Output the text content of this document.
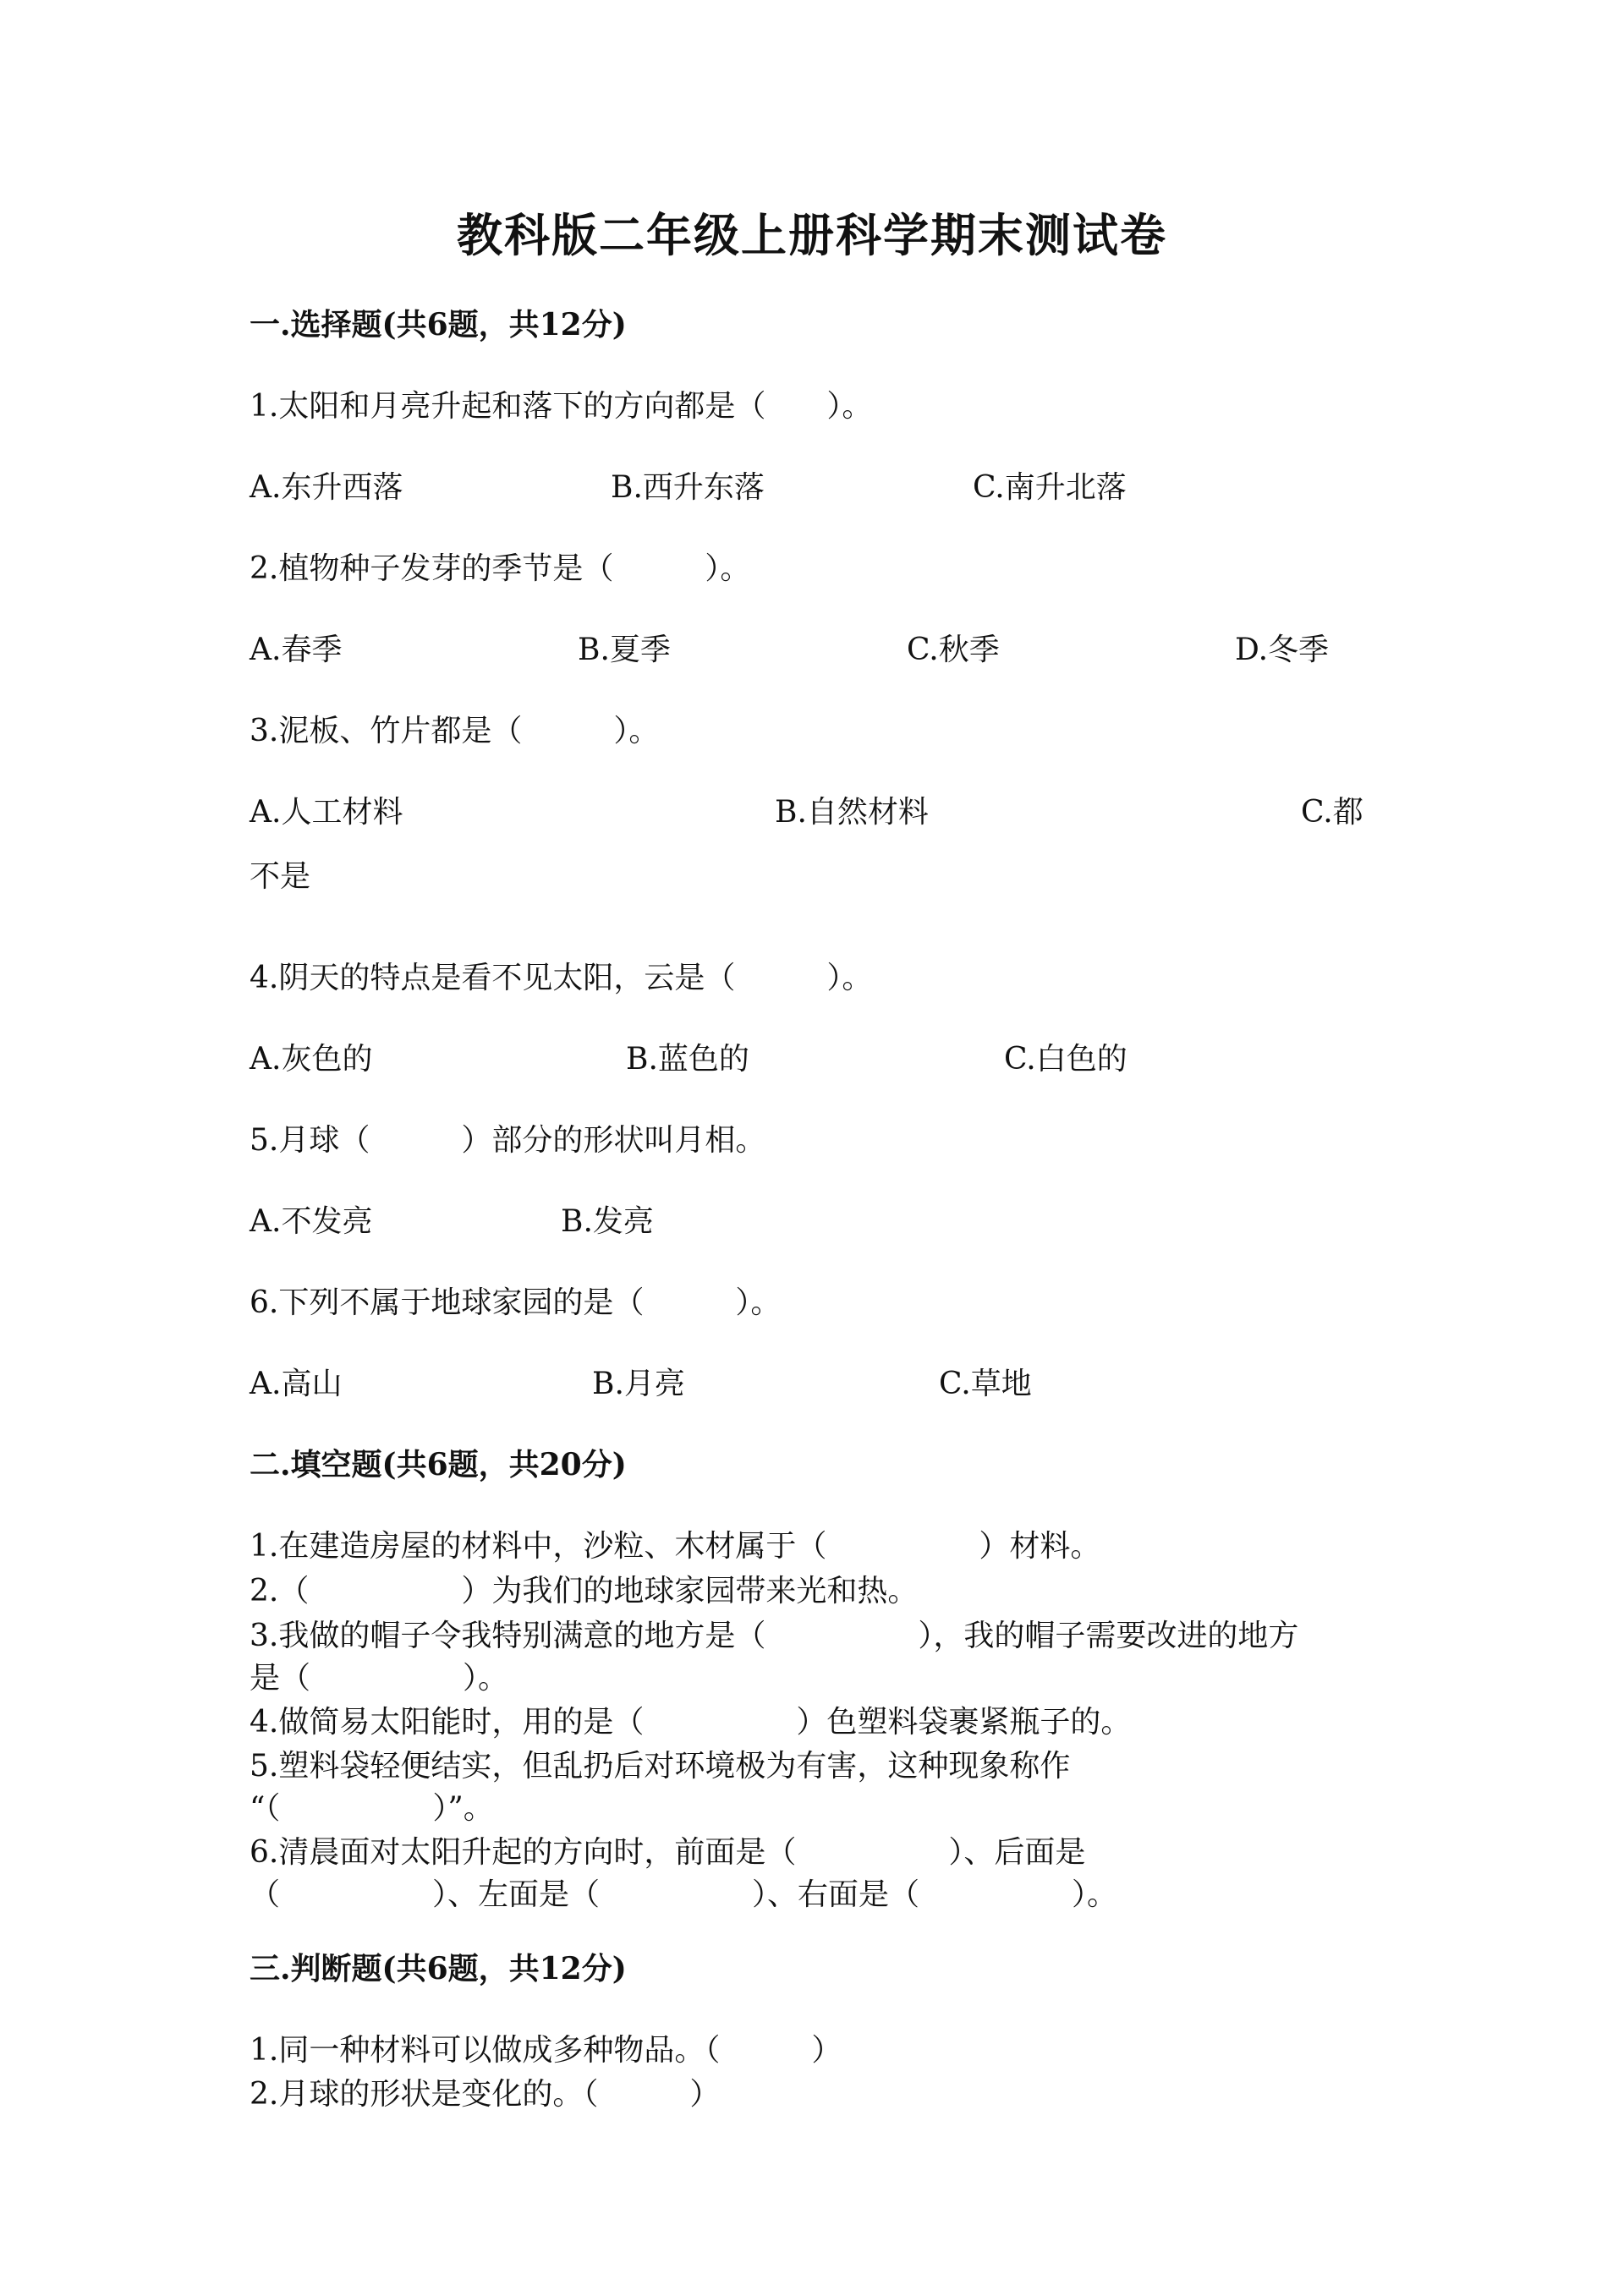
教科版二年级上册科学期末测试卷
一.选择题(共6题，共12分)
1.太阳和月亮升起和落下的方向都是（　　）。
A.东升西落	B.西升东落	C.南升北落
2.植物种子发芽的季节是（　　　）。
A.春季	B.夏季	C.秋季	D.冬季
3.泥板、竹片都是（　　　）。
A.人工材料	B.自然材料	C.都
不是
4.阴天的特点是看不见太阳，云是（　　　）。
A.灰色的	B.蓝色的	C.白色的
5.月球（　　　）部分的形状叫月相。
A.不发亮	B.发亮
6.下列不属于地球家园的是（　　　）。
A.高山	B.月亮	C.草地
二.填空题(共6题，共20分)
1.在建造房屋的材料中，沙粒、木材属于（　　　　　）材料。
2.（　　　　　）为我们的地球家园带来光和热。
3.我做的帽子令我特别满意的地方是（　　　　　），我的帽子需要改进的地方
是（　　　　　）。
4.做简易太阳能时，用的是（　　　　　）色塑料袋裹紧瓶子的。
5.塑料袋轻便结实，但乱扔后对环境极为有害，这种现象称作
“（　　　　　）”。
6.清晨面对太阳升起的方向时，前面是（　　　　　）、后面是
（　　　　　）、左面是（　　　　　）、右面是（　　　　　）。
三.判断题(共6题，共12分)
1.同一种材料可以做成多种物品。（　　　）
2.月球的形状是变化的。（　　　）
